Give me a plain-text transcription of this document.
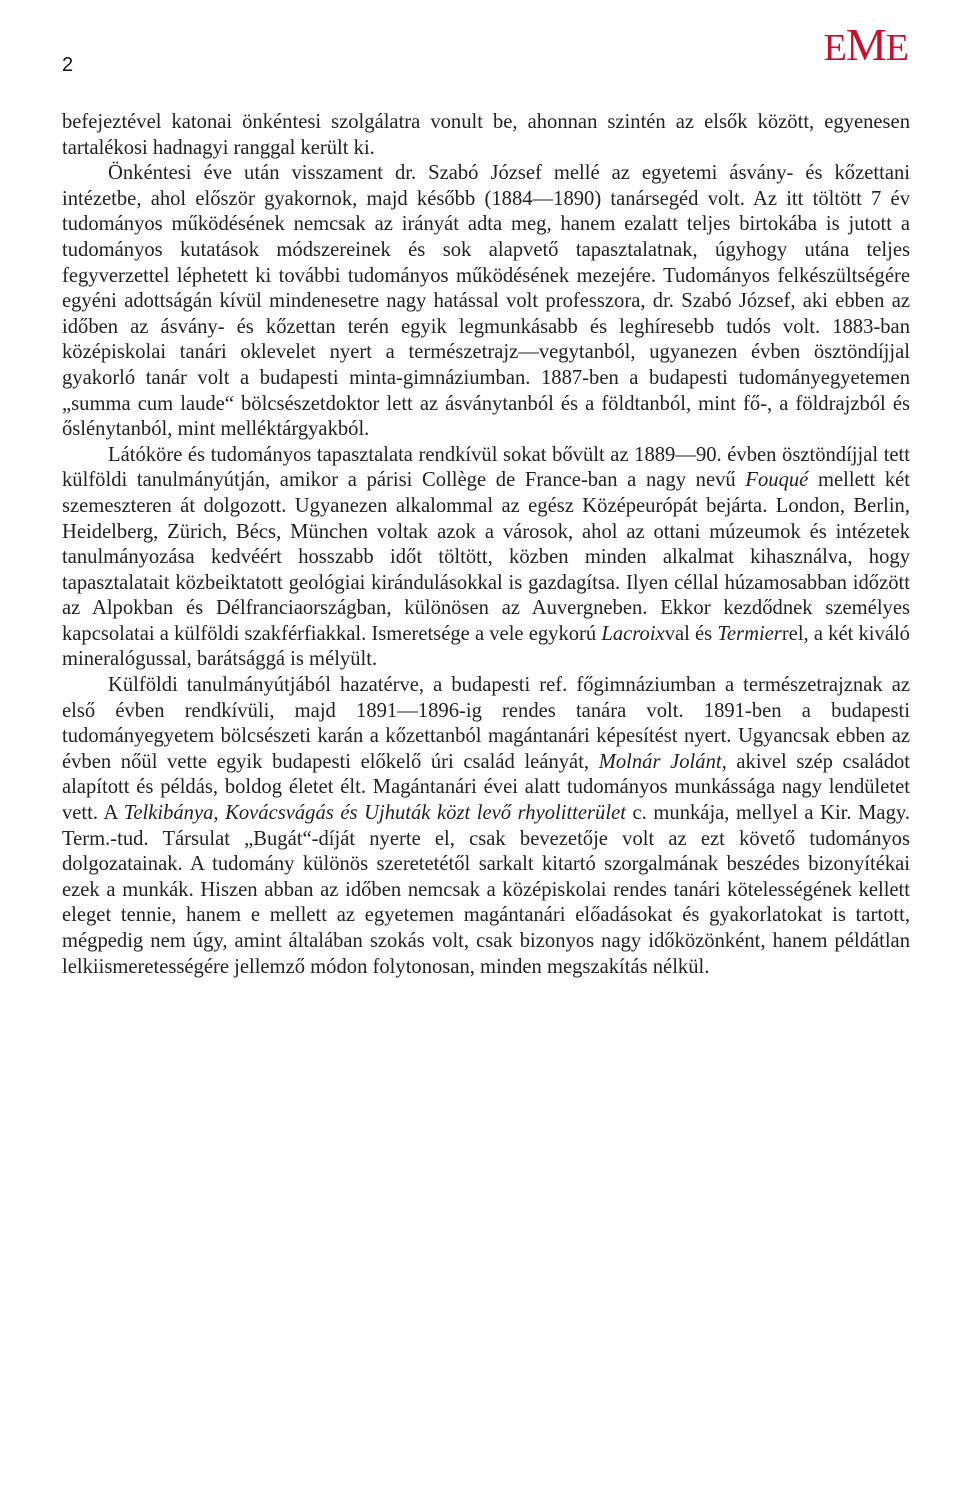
2	EME

befejeztével katonai önkéntesi szolgálatra vonult be, ahonnan szintén az elsők között, egyenesen tartalékosi hadnagyi ranggal került ki.

Önkéntesi éve után visszament dr. Szabó József mellé az egyetemi ásvány- és kőzettani intézetbe, ahol először gyakornok, majd később (1884—1890) tanársegéd volt. Az itt töltött 7 év tudományos működésének nemcsak az irányát adta meg, hanem ezalatt teljes birtokába is jutott a tudományos kutatások módszereinek és sok alapvető tapasztalatnak, úgyhogy utána teljes fegyverzettel léphetett ki további tudományos működésének mezejére. Tudományos felkészültségére egyéni adottságán kívül mindenesetre nagy hatással volt professzora, dr. Szabó József, aki ebben az időben az ásvány- és kőzettan terén egyik legmunkásabb és leghíresebb tudós volt. 1883-ban középiskolai tanári oklevelet nyert a természetrajz—vegytanból, ugyanezen évben ösztöndíjjal gyakorló tanár volt a budapesti minta-gimnáziumban. 1887-ben a budapesti tudományegyetemen „summa cum laude“ bölcsészetdoktor lett az ásványtanból és a földtanból, mint fő-, a földrajzból és őslénytanból, mint melléktárgyakból.

Látóköre és tudományos tapasztalata rendkívül sokat bővült az 1889—90. évben ösztöndíjjal tett külföldi tanulmányútján, amikor a párisi Collège de France-ban a nagy nevű Fouqué mellett két szemeszteren át dolgozott. Ugyanezen alkalommal az egész Középeurópát bejárta. London, Berlin, Heidelberg, Zürich, Bécs, München voltak azok a városok, ahol az ottani múzeumok és intézetek tanulmányozása kedvéért hosszabb időt töltött, közben minden alkalmat kihasználva, hogy tapasztalatait közbeiktatott geológiai kirándulásokkal is gazdagítsa. Ilyen céllal húzamosabban időzött az Alpokban és Délfranciaországban, különösen az Auvergneben. Ekkor kezdődnek személyes kapcsolatai a külföldi szakférfiakkal. Ismeretsége a vele egykorú Lacroixval és Termierrel, a két kiváló mineralógussal, barátsággá is mélyült.

Külföldi tanulmányútjából hazatérve, a budapesti ref. főgimnáziumban a természetrajznak az első évben rendkívüli, majd 1891—1896-ig rendes tanára volt. 1891-ben a budapesti tudományegyetem bölcsészeti karán a kőzettanból magántanári képesítést nyert. Ugyancsak ebben az évben nőül vette egyik budapesti előkelő úri család leányát, Molnár Jolánt, akivel szép családot alapított és példás, boldog életet élt. Magántanári évei alatt tudományos munkássága nagy lendületet vett. A Telkibánya, Kovácsvágás és Ujhuták közt levő rhyolitterület c. munkája, mellyel a Kir. Magy. Term.-tud. Társulat „Bugát“-díját nyerte el, csak bevezetője volt az ezt követő tudományos dolgozatainak. A tudomány különös szeretetétől sarkalt kitartó szorgalmának beszédes bizonyítékai ezek a munkák. Hiszen abban az időben nemcsak a középiskolai rendes tanári kötelességének kellett eleget tennie, hanem e mellett az egyetemen magántanári előadásokat és gyakorlatokat is tartott, mégpedig nem úgy, amint általában szokás volt, csak bizonyos nagy időközönként, hanem példátlan lelkiismeretességére jellemző módon folytonosan, minden megszakítás nélkül.
